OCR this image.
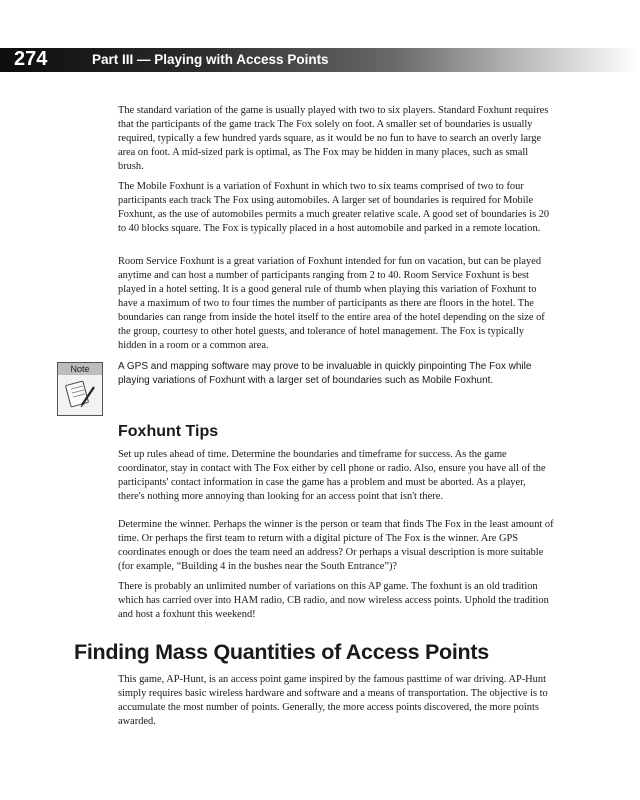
274	Part III — Playing with Access Points

The standard variation of the game is usually played with two to six players. Standard Foxhunt requires that the participants of the game track The Fox solely on foot. A smaller set of boundaries is usually required, typically a few hundred yards square, as it would be no fun to have to search an overly large area on foot. A mid-sized park is optimal, as The Fox may be hidden in many places, such as small brush.

The Mobile Foxhunt is a variation of Foxhunt in which two to six teams comprised of two to four participants each track The Fox using automobiles. A larger set of boundaries is required for Mobile Foxhunt, as the use of automobiles permits a much greater relative scale. A good set of boundaries is 20 to 40 blocks square. The Fox is typically placed in a host automobile and parked in a remote location.

Room Service Foxhunt is a great variation of Foxhunt intended for fun on vacation, but can be played anytime and can host a number of participants ranging from 2 to 40. Room Service Foxhunt is best played in a hotel setting. It is a good general rule of thumb when playing this variation of Foxhunt to have a maximum of two to four times the number of participants as there are floors in the hotel. The boundaries can range from inside the hotel itself to the entire area of the hotel depending on the size of the group, courtesy to other hotel guests, and tolerance of hotel management. The Fox is typically hidden in a room or a common area.

Note	A GPS and mapping software may prove to be invaluable in quickly pinpointing The Fox while playing variations of Foxhunt with a larger set of boundaries such as Mobile Foxhunt.

Foxhunt Tips

Set up rules ahead of time. Determine the boundaries and timeframe for success. As the game coordinator, stay in contact with The Fox either by cell phone or radio. Also, ensure you have all of the participants' contact information in case the game has a problem and must be aborted. As a player, there's nothing more annoying than looking for an access point that isn't there.

Determine the winner. Perhaps the winner is the person or team that finds The Fox in the least amount of time. Or perhaps the first team to return with a digital picture of The Fox is the winner. Are GPS coordinates enough or does the team need an address? Or perhaps a visual description is more suitable (for example, “Building 4 in the bushes near the South Entrance”)?

There is probably an unlimited number of variations on this AP game. The foxhunt is an old tradition which has carried over into HAM radio, CB radio, and now wireless access points. Uphold the tradition and host a foxhunt this weekend!

Finding Mass Quantities of Access Points

This game, AP-Hunt, is an access point game inspired by the famous pasttime of war driving. AP-Hunt simply requires basic wireless hardware and software and a means of transportation. The objective is to accumulate the most number of points. Generally, the more access points discovered, the more points awarded.
